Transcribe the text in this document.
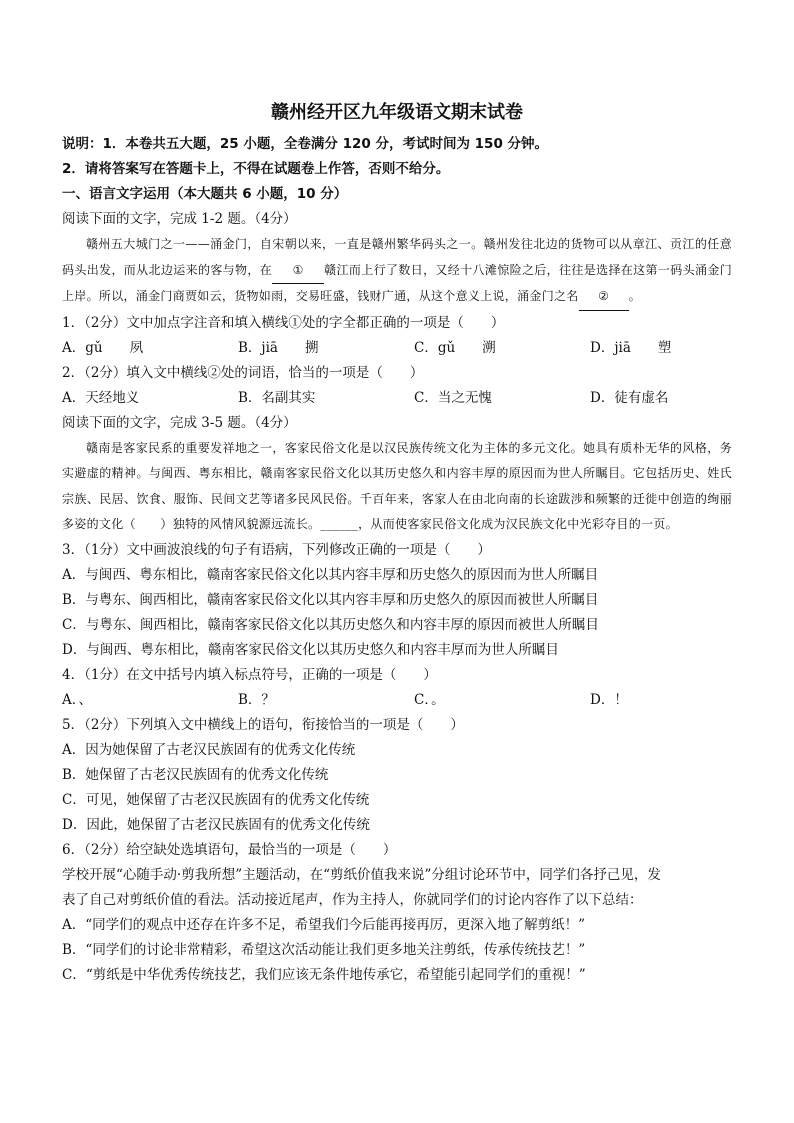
赣州经开区九年级语文期末试卷
说明：1．本卷共五大题，25 小题，全卷满分 120 分，考试时间为 150 分钟。
2．请将答案写在答题卡上，不得在试题卷上作答，否则不给分。
一、语言文字运用（本大题共 6 小题，10 分）
阅读下面的文字，完成 1-2 题。（4分）

赣州五大城门之一——涌金门，自宋朝以来，一直是赣州繁华码头之一。赣州发往北边的货物可以从章江、贡江的任意码头出发，而从北边运来的客与物，在 ① 赣江而上行了数日，又经十八滩惊险之后，往往是选择在这第一码头涌金门上岸。所以，涌金门商贾如云，货物如雨，交易旺盛，钱财广通，从这个意义上说，涌金门之名 ② 。

1．（2分）文中加点字注音和填入横线①处的字全都正确的一项是（　　）
A．gǔ　　夙	B．jiā　　搠	C．gǔ　　溯	D．jiā　　塑
2．（2分）填入文中横线②处的词语，恰当的一项是（　　）
A．天经地义	B．名副其实	C．当之无愧	D．徒有虚名
阅读下面的文字，完成 3-5 题。（4分）

赣南是客家民系的重要发祥地之一，客家民俗文化是以汉民族传统文化为主体的多元文化。她具有质朴无华的风格，务实避虚的精神。与闽西、粤东相比，赣南客家民俗文化以其历史悠久和内容丰厚的原因而为世人所瞩目。它包括历史、姓氏宗族、民居、饮食、服饰、民间文艺等诸多民风民俗。千百年来，客家人在由北向南的长途跋涉和频繁的迁徙中创造的绚丽多姿的文化（　　）独特的风情风貌源远流长。______，从而使客家民俗文化成为汉民族文化中光彩夺目的一页。

3．（1分）文中画波浪线的句子有语病，下列修改正确的一项是（　　）
A．与闽西、粤东相比，赣南客家民俗文化以其内容丰厚和历史悠久的原因而为世人所瞩目
B．与粤东、闽西相比，赣南客家民俗文化以其内容丰厚和历史悠久的原因而被世人所瞩目
C．与粤东、闽西相比，赣南客家民俗文化以其历史悠久和内容丰厚的原因而被世人所瞩目
D．与闽西、粤东相比，赣南客家民俗文化以其历史悠久和内容丰厚而为世人所瞩目
4．（1分）在文中括号内填入标点符号，正确的一项是（　　）
A．、	B．？	C．。	D．！
5．（2分）下列填入文中横线上的语句，衔接恰当的一项是（　　）
A．因为她保留了古老汉民族固有的优秀文化传统
B．她保留了古老汉民族固有的优秀文化传统
C．可见，她保留了古老汉民族固有的优秀文化传统
D．因此，她保留了古老汉民族固有的优秀文化传统
6．（2分）给空缺处选填语句，最恰当的一项是（　　）
学校开展“心随手动·剪我所想”主题活动，在“剪纸价值我来说”分组讨论环节中，同学们各抒己见，发
表了自己对剪纸价值的看法。活动接近尾声，作为主持人，你就同学们的讨论内容作了以下总结：
A．“同学们的观点中还存在许多不足，希望我们今后能再接再厉，更深入地了解剪纸！”
B．“同学们的讨论非常精彩，希望这次活动能让我们更多地关注剪纸，传承传统技艺！”
C．“剪纸是中华优秀传统技艺，我们应该无条件地传承它，希望能引起同学们的重视！”
